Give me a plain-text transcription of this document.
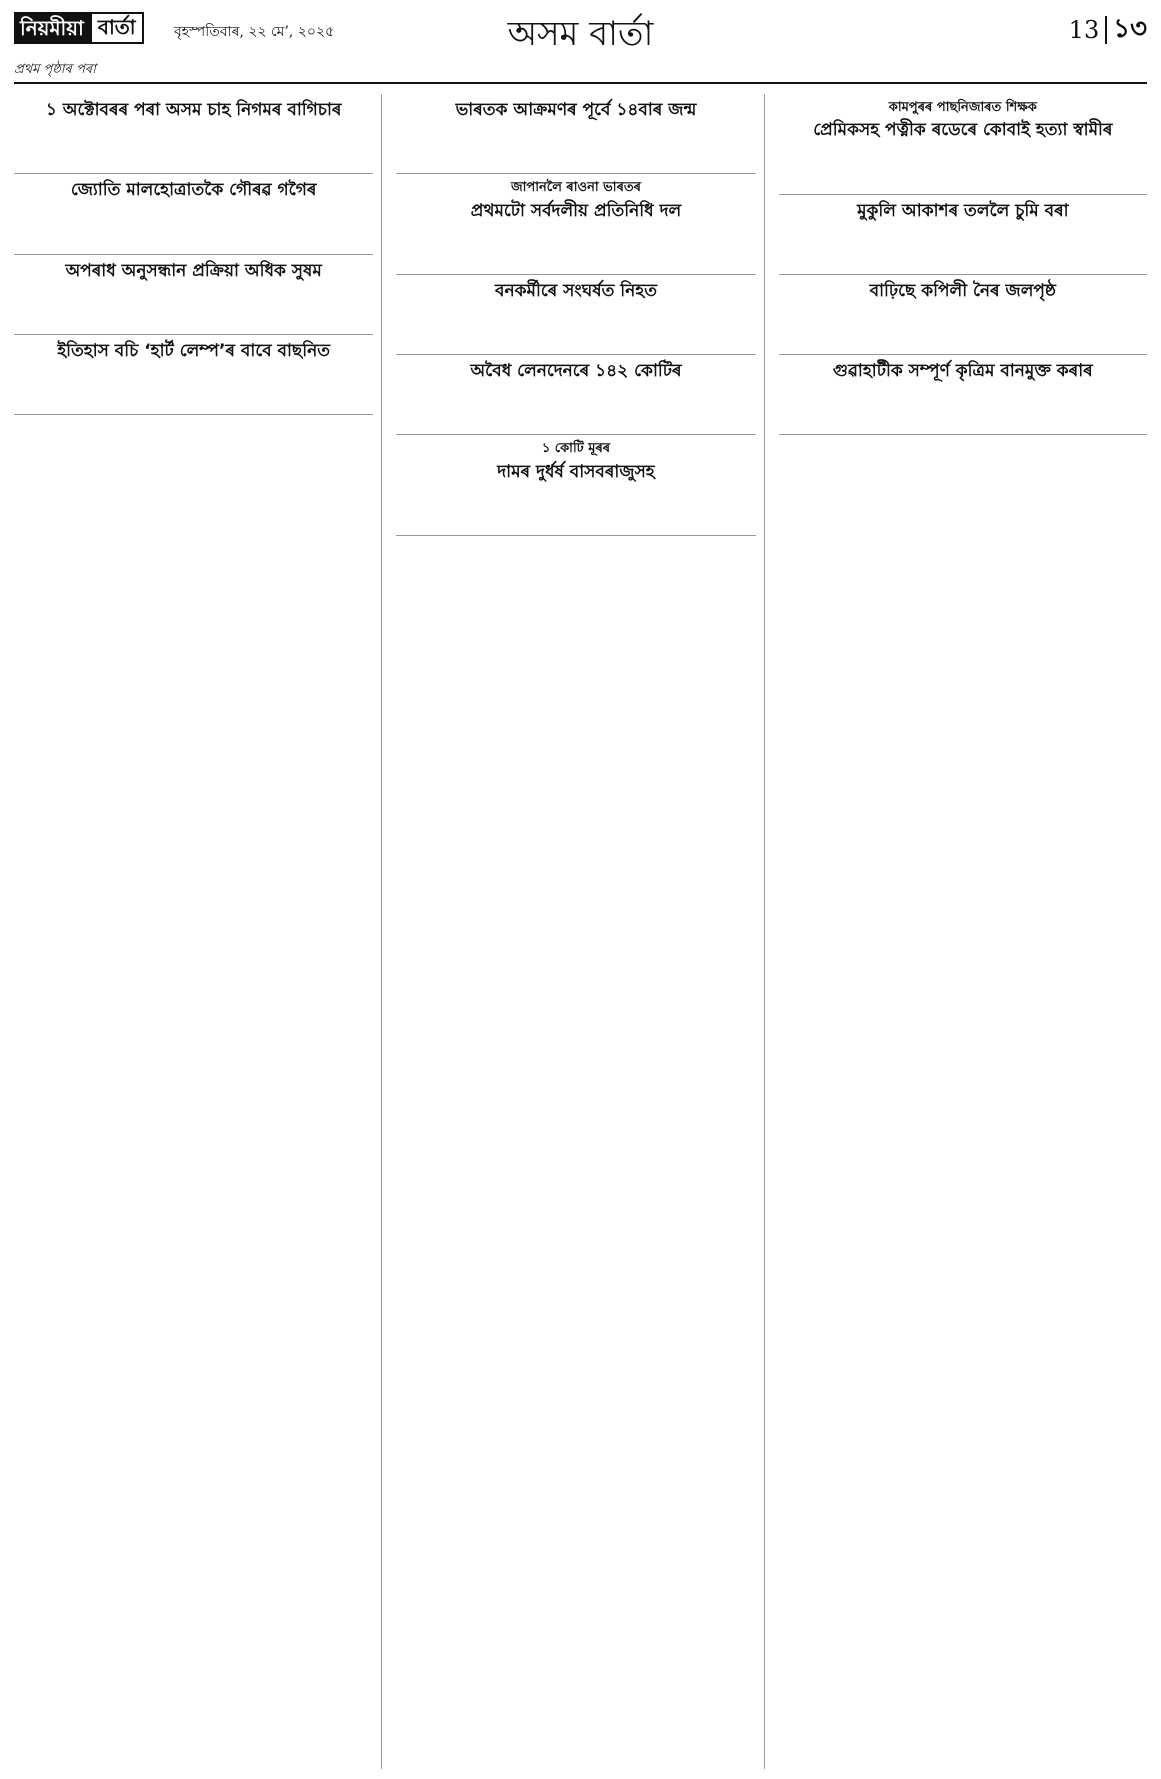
নিয়মীয়া বাৰ্তা	বৃহস্পতিবাৰ, ২২ মে’, ২০২৫	অসম বাৰ্তা	13 ১৩
প্ৰথম পৃষ্ঠাৰ পৰা
১ অক্টোবৰৰ পৰা অসম চাহ নিগমৰ বাগিচাৰ

জ্যোতি মালহোত্ৰাতকৈ গৌৰৱ গগৈৰ

অপৰাধ অনুসন্ধান প্ৰক্ৰিয়া অধিক সুষম

ইতিহাস বচি ‘হাৰ্ট লেম্প’ৰ বাবে বাছনিত

ভাৰতক আক্ৰমণৰ পূৰ্বে ১৪বাৰ জন্ম

জাপানলৈ ৰাওনা ভাৰতৰ
প্ৰথমটো সৰ্বদলীয় প্ৰতিনিধি দল

বনকৰ্মীৰে সংঘৰ্ষত নিহত

অবৈধ লেনদেনৰে ১৪২ কোটিৰ

১ কোটি মূৰৰ
দামৰ দুৰ্ধৰ্ষ বাসবৰাজুসহ

কামপুৰৰ পাছনিজাৰত শিক্ষক
প্ৰেমিকসহ পত্নীক ৰডেৰে কোবাই হত্যা স্বামীৰ

মুকুলি আকাশৰ তললৈ চুমি বৰা

বাঢ়িছে কপিলী নৈৰ জলপৃষ্ঠ

গুৱাহাটীক সম্পূৰ্ণ কৃত্ৰিম বানমুক্ত কৰাৰ
